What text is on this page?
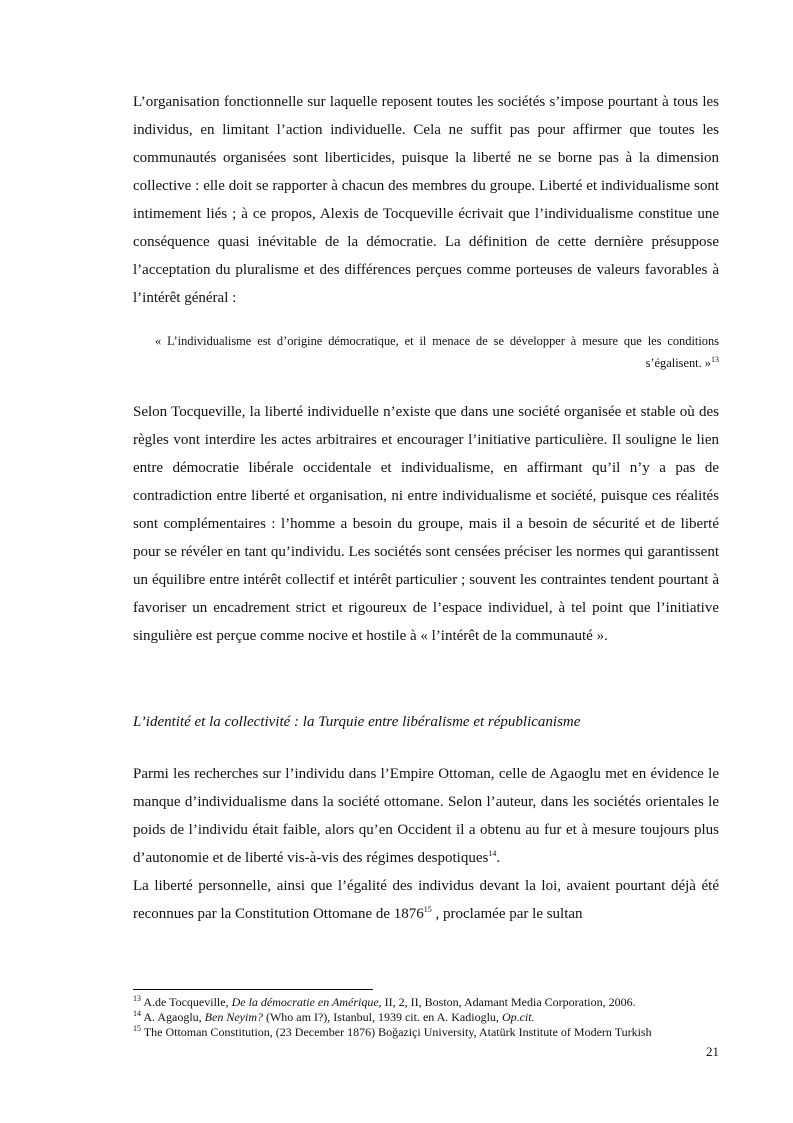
L’organisation fonctionnelle sur laquelle reposent toutes les sociétés s’impose pourtant à tous les individus, en limitant l’action individuelle. Cela ne suffit pas pour affirmer que toutes les communautés organisées sont liberticides, puisque la liberté ne se borne pas à la dimension collective : elle doit se rapporter à chacun des membres du groupe. Liberté et individualisme sont intimement liés ; à ce propos, Alexis de Tocqueville écrivait que l’individualisme constitue une conséquence quasi inévitable de la démocratie. La définition de cette dernière présuppose l’acceptation du pluralisme et des différences perçues comme porteuses de valeurs favorables à l’intérêt général :

« L’individualisme est d’origine démocratique, et il menace de se développer à mesure que les conditions s’égalisent. »$^{13}$

Selon Tocqueville, la liberté individuelle n’existe que dans une société organisée et stable où des règles vont interdire les actes arbitraires et encourager l’initiative particulière. Il souligne le lien entre démocratie libérale occidentale et individualisme, en affirmant qu’il n’y a pas de contradiction entre liberté et organisation, ni entre individualisme et société, puisque ces réalités sont complémentaires : l’homme a besoin du groupe, mais il a besoin de sécurité et de liberté pour se révéler en tant qu’individu. Les sociétés sont censées préciser les normes qui garantissent un équilibre entre intérêt collectif et intérêt particulier ; souvent les contraintes tendent pourtant à favoriser un encadrement strict et rigoureux de l’espace individuel, à tel point que l’initiative singulière est perçue comme nocive et hostile à « l’intérêt de la communauté ».

L’identité et la collectivité : la Turquie entre libéralisme et républicanisme

Parmi les recherches sur l’individu dans l’Empire Ottoman, celle de Agaoglu met en évidence le manque d’individualisme dans la société ottomane. Selon l’auteur, dans les sociétés orientales le poids de l’individu était faible, alors qu’en Occident il a obtenu au fur et à mesure toujours plus d’autonomie et de liberté vis-à-vis des régimes despotiques$^{14}$.

La liberté personnelle, ainsi que l’égalité des individus devant la loi, avaient pourtant déjà été reconnues par la Constitution Ottomane de 1876$^{15}$ , proclamée par le sultan

$^{13}$ A.de Tocqueville, De la démocratie en Amérique, II, 2, II, Boston, Adamant Media Corporation, 2006.

$^{14}$ A. Agaoglu, Ben Neyim? (Who am I?), Istanbul, 1939 cit. en A. Kadioglu, Op.cit.

$^{15}$ The Ottoman Constitution, (23 December 1876) Boğaziçi University, Atatürk Institute of Modern Turkish

21
